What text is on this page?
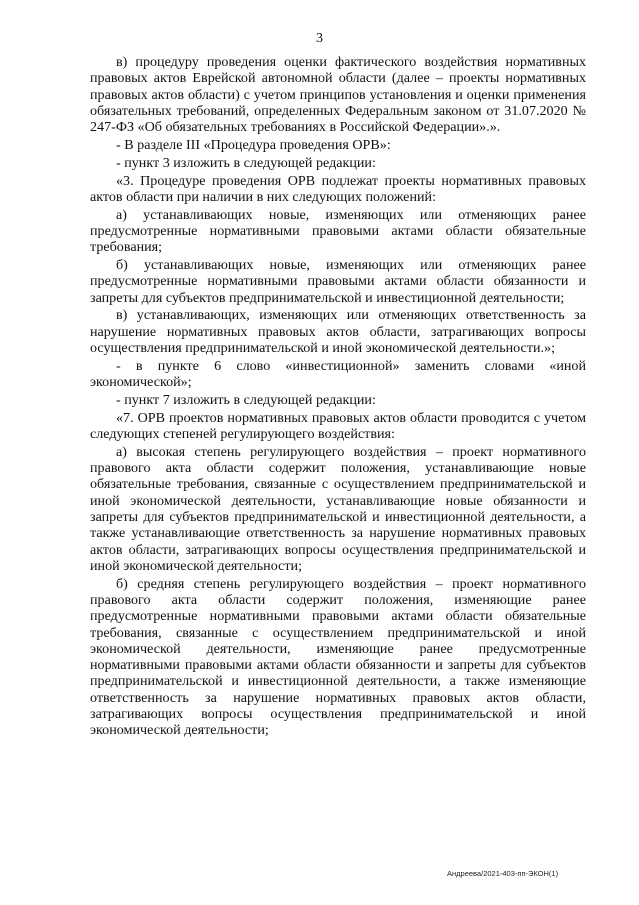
3

в) процедуру проведения оценки фактического воздействия нормативных правовых актов Еврейской автономной области (далее – проекты нормативных правовых актов области) с учетом принципов установления и оценки применения обязательных требований, определенных Федеральным законом от 31.07.2020 № 247-ФЗ «Об обязательных требованиях в Российской Федерации».».

- В разделе III «Процедура проведения ОРВ»:

- пункт 3 изложить в следующей редакции:

«3. Процедуре проведения ОРВ подлежат проекты нормативных правовых актов области при наличии в них следующих положений:

а) устанавливающих новые, изменяющих или отменяющих ранее предусмотренные нормативными правовыми актами области обязательные требования;

б) устанавливающих новые, изменяющих или отменяющих ранее предусмотренные нормативными правовыми актами области обязанности и запреты для субъектов предпринимательской и инвестиционной деятельности;

в) устанавливающих, изменяющих или отменяющих ответственность за нарушение нормативных правовых актов области, затрагивающих вопросы осуществления предпринимательской и иной экономической деятельности.»;

- в пункте 6 слово «инвестиционной» заменить словами «иной экономической»;

- пункт 7 изложить в следующей редакции:

«7. ОРВ проектов нормативных правовых актов области проводится с учетом следующих степеней регулирующего воздействия:

а) высокая степень регулирующего воздействия – проект нормативного правового акта области содержит положения, устанавливающие новые обязательные требования, связанные с осуществлением предпринимательской и иной экономической деятельности, устанавливающие новые обязанности и запреты для субъектов предпринимательской и инвестиционной деятельности, а также устанавливающие ответственность за нарушение нормативных правовых актов области, затрагивающих вопросы осуществления предпринимательской и иной экономической деятельности;

б) средняя степень регулирующего воздействия – проект нормативного правового акта области содержит положения, изменяющие ранее предусмотренные нормативными правовыми актами области обязательные требования, связанные с осуществлением предпринимательской и иной экономической деятельности, изменяющие ранее предусмотренные нормативными правовыми актами области обязанности и запреты для субъектов предпринимательской и инвестиционной деятельности, а также изменяющие ответственность за нарушение нормативных правовых актов области, затрагивающих вопросы осуществления предпринимательской и иной экономической деятельности;

Андреева/2021-403-пп-ЭКОН(1)
